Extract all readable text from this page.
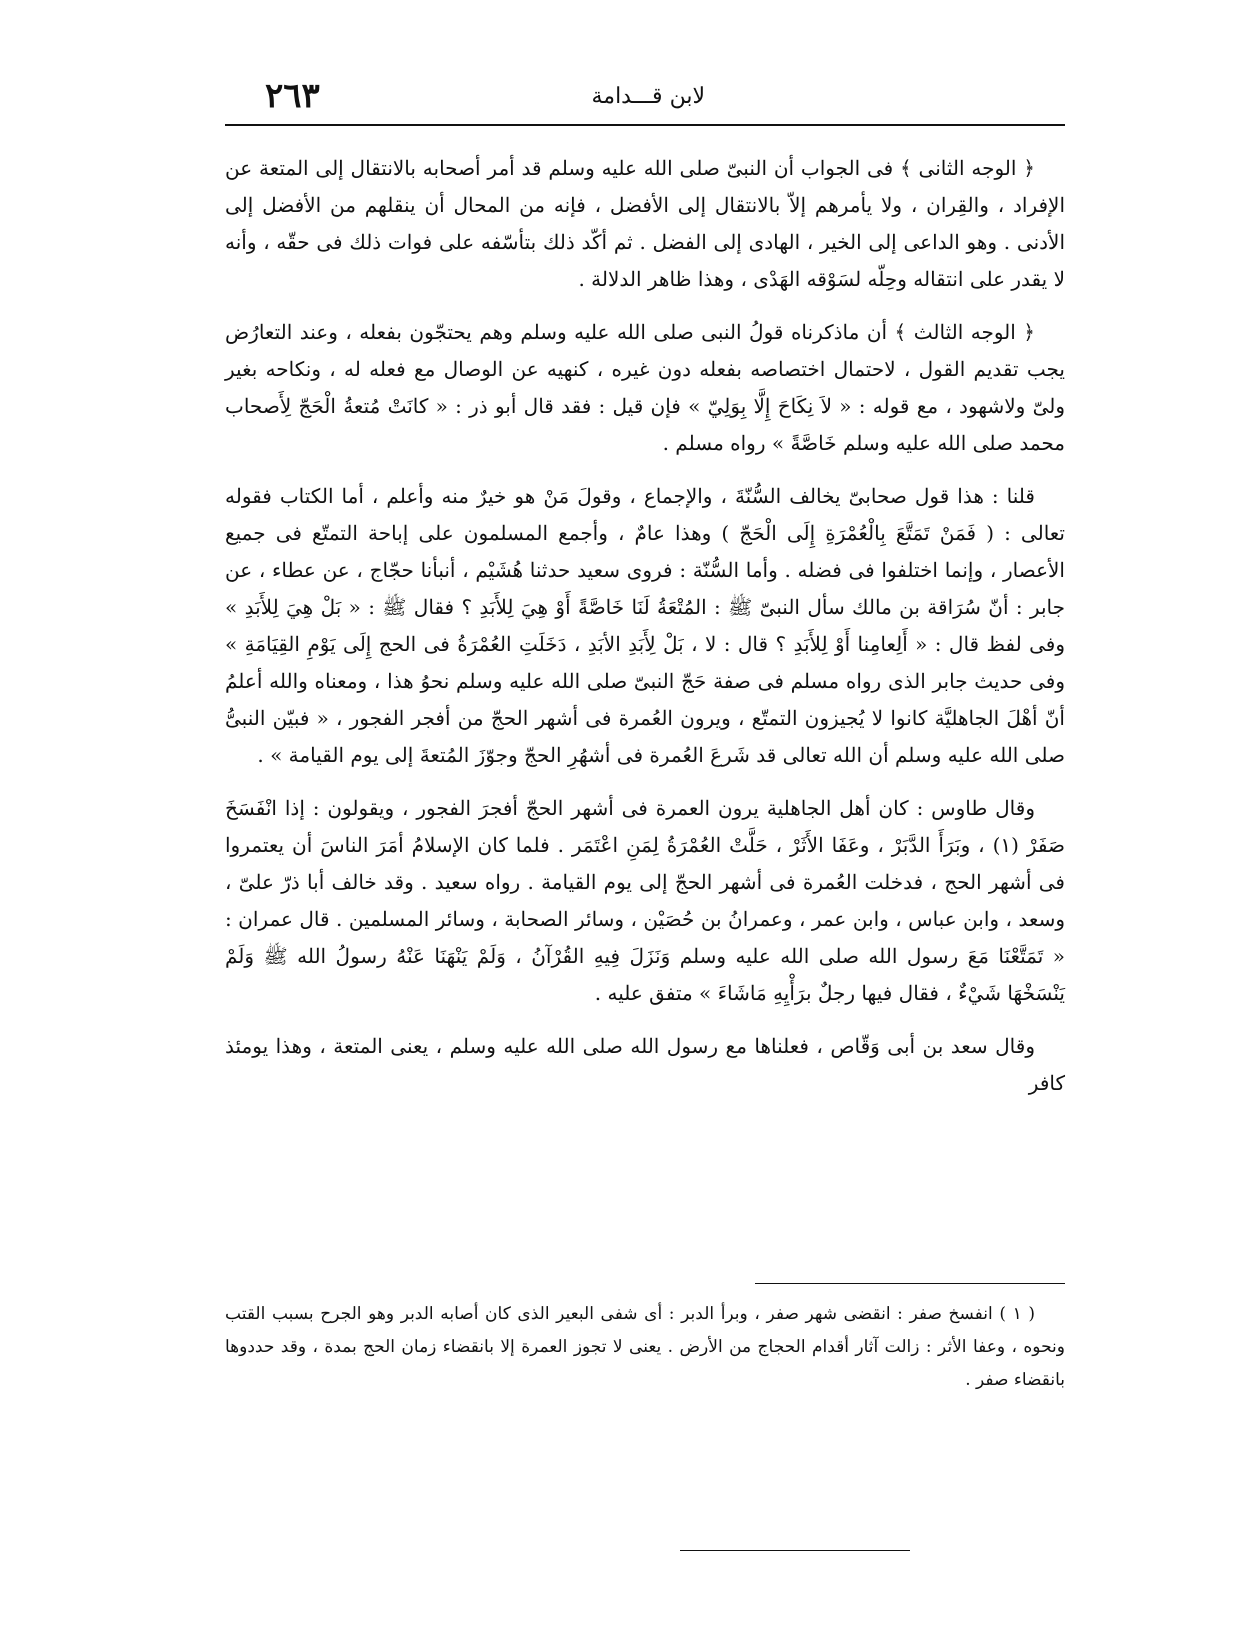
لابن قـــدامة
٢٦٣

﴿ الوجه الثانى ﴾ فى الجواب أن النبىّ صلى الله عليه وسلم قد أمر أصحابه بالانتقال إلى المتعة عن الإفراد ، والقِران ، ولا يأمرهم إلاّ بالانتقال إلى الأفضل ، فإنه من المحال أن ينقلهم من الأفضل إلى الأدنى . وهو الداعى إلى الخير ، الهادى إلى الفضل . ثم أكّد ذلك بتأسّفه على فوات ذلك فى حقّه ، وأنه لا يقدر على انتقاله وحِلّه لسَوْقه الهَدْى ، وهذا ظاهر الدلالة .

﴿ الوجه الثالث ﴾ أن ماذكرناه قولُ النبى صلى الله عليه وسلم وهم يحتجّون بفعله ، وعند التعارُض يجب تقديم القول ، لاحتمال اختصاصه بفعله دون غيره ، كنهيه عن الوصال مع فعله له ، ونكاحه بغير ولىّ ولاشهود ، مع قوله : « لاَ نِكَاحَ إِلَّا بِوَلِيّ » فإن قيل : فقد قال أبو ذر : « كانَتْ مُتعةُ الْحَجّ لِأَصحاب محمد صلى الله عليه وسلم خَاصَّةً » رواه مسلم .

قلنا : هذا قول صحابىّ يخالف السُّنّةَ ، والإجماع ، وقولَ مَنْ هو خيرٌ منه وأعلم ، أما الكتاب فقوله تعالى : ( فَمَنْ تَمَتَّعَ بِالْعُمْرَةِ إِلَى الْحَجّ ) وهذا عامٌ ، وأجمع المسلمون على إباحة التمتّع فى جميع الأعصار ، وإنما اختلفوا فى فضله . وأما السُّنّة : فروى سعيد حدثنا هُشَيْم ، أنبأنا حجّاج ، عن عطاء ، عن جابر : أنّ سُرَاقة بن مالك سأل النبىّ ﷺ : المُتْعَةُ لَنَا خَاصَّةً أَوْ هِيَ لِلأَبَدِ ؟ فقال ﷺ : « بَلْ هِيَ لِلأَبَدِ » وفى لفظ قال : « أَلِعامِنا أَوْ لِلأَبَدِ ؟ قال : لا ، بَلْ لِأَبَدِ الأبَدِ ، دَخَلَتِ العُمْرَةُ فى الحج إِلَى يَوْمِ القِيَامَةِ » وفى حديث جابر الذى رواه مسلم فى صفة حَجّ النبىّ صلى الله عليه وسلم نحوُ هذا ، ومعناه والله أعلمُ أنّ أهْلَ الجاهليَّة كانوا لا يُجيزون التمتّع ، ويرون العُمرة فى أشهر الحجّ من أفجر الفجور ، « فبيّن النبىُّ صلى الله عليه وسلم أن الله تعالى قد شَرعَ العُمرة فى أشهُرِ الحجّ وجوّزَ المُتعةَ إلى يوم القيامة » .

وقال طاوس : كان أهل الجاهلية يرون العمرة فى أشهر الحجّ أفجرَ الفجور ، ويقولون : إذا انْفَسَخَ صَفَرْ (١) ، وبَرَأَ الدَّبَرْ ، وعَفَا الأَثَرْ ، حَلَّتْ العُمْرَةُ لِمَنِ اعْتَمَر . فلما كان الإسلامُ أمَرَ الناسَ أن يعتمروا فى أشهر الحج ، فدخلت العُمرة فى أشهر الحجّ إلى يوم القيامة . رواه سعيد . وقد خالف أبا ذرّ علىّ ، وسعد ، وابن عباس ، وابن عمر ، وعمرانُ بن حُصَيْن ، وسائر الصحابة ، وسائر المسلمين . قال عمران : « تَمَتَّعْنَا مَعَ رسول الله صلى الله عليه وسلم وَنَزَلَ فِيهِ القُرْآنُ ، وَلَمْ يَنْهَنَا عَنْهُ رسولُ الله ﷺ وَلَمْ يَنْسَخْهَا شَيْءٌ ، فقال فيها رجلٌ برَأْيِهِ مَاشَاءَ » متفق عليه .

وقال سعد بن أبى وَقّاص ، فعلناها مع رسول الله صلى الله عليه وسلم ، يعنى المتعة ، وهذا يومئذ كافر

( ١ ) انفسخ صفر : انقضى شهر صفر ، وبرأ الدبر : أى شفى البعير الذى كان أصابه الدبر وهو الجرح بسبب القتب ونحوه ، وعفا الأثر : زالت آثار أقدام الحجاج من الأرض . يعنى لا تجوز العمرة إلا بانقضاء زمان الحج بمدة ، وقد حددوها بانقضاء صفر .
